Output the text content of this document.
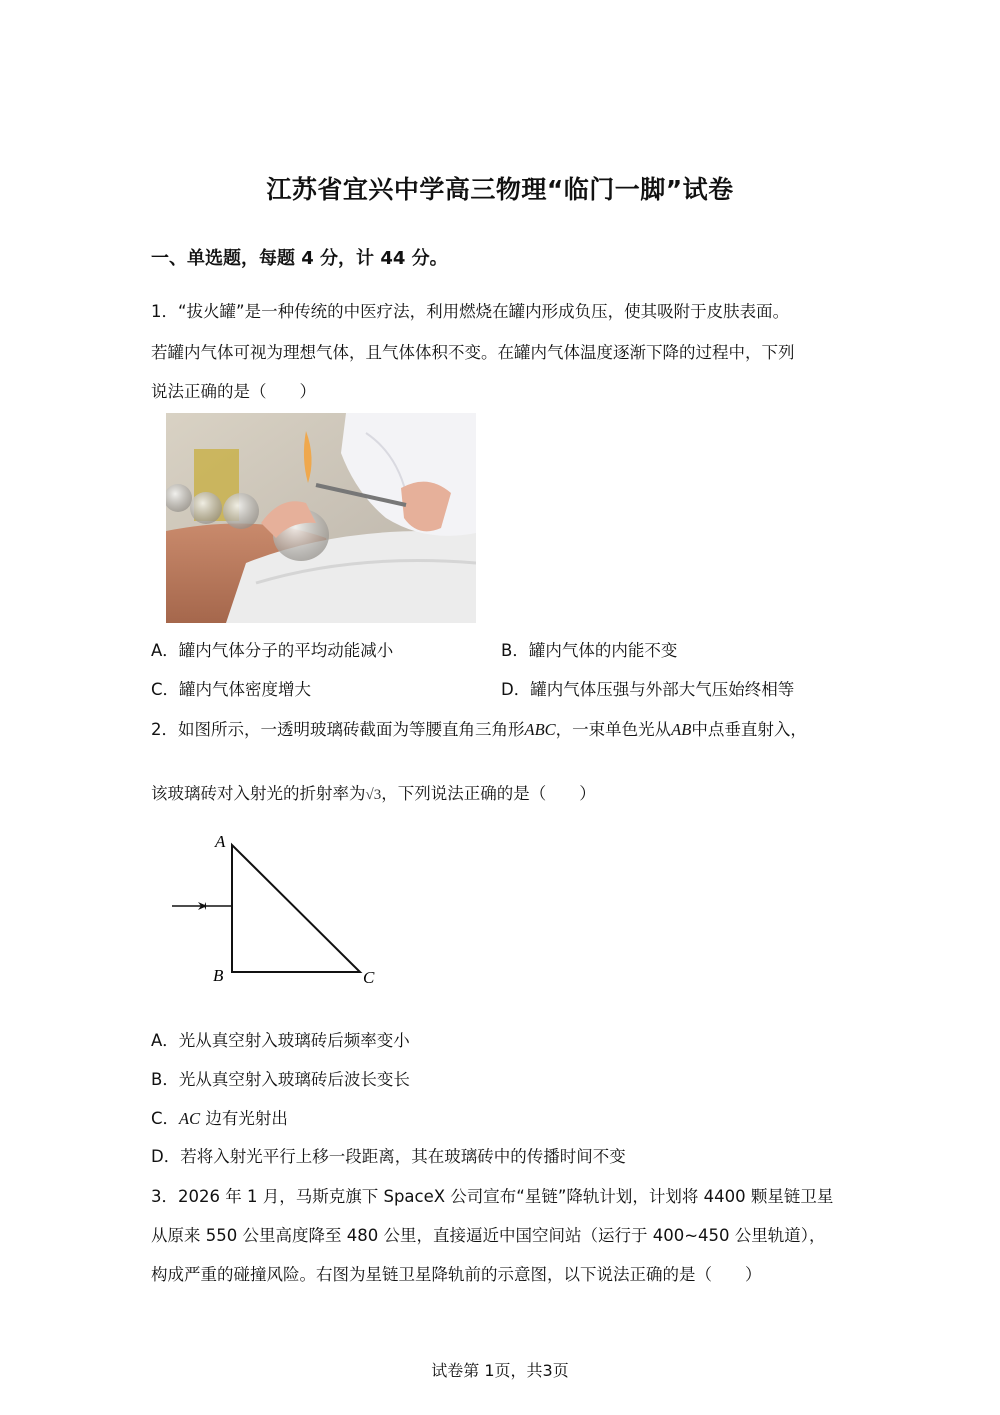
江苏省宜兴中学高三物理“临门一脚”试卷
一、单选题，每题 4 分，计 44 分。
1．“拔火罐”是一种传统的中医疗法，利用燃烧在罐内形成负压，使其吸附于皮肤表面。
若罐内气体可视为理想气体，且气体体积不变。在罐内气体温度逐渐下降的过程中，下列
说法正确的是（　　）
A．罐内气体分子的平均动能减小	B．罐内气体的内能不变
C．罐内气体密度增大	D．罐内气体压强与外部大气压始终相等
2．如图所示，一透明玻璃砖截面为等腰直角三角形ABC，一束单色光从AB中点垂直射入，
该玻璃砖对入射光的折射率为√3，下列说法正确的是（　　）
A
B	C
A．光从真空射入玻璃砖后频率变小
B．光从真空射入玻璃砖后波长变长
C．AC 边有光射出
D．若将入射光平行上移一段距离，其在玻璃砖中的传播时间不变
3．2026 年 1 月，马斯克旗下 SpaceX 公司宣布“星链”降轨计划，计划将 4400 颗星链卫星
从原来 550 公里高度降至 480 公里，直接逼近中国空间站（运行于 400~450 公里轨道），
构成严重的碰撞风险。右图为星链卫星降轨前的示意图，以下说法正确的是（　　）
试卷第 1页，共3页
